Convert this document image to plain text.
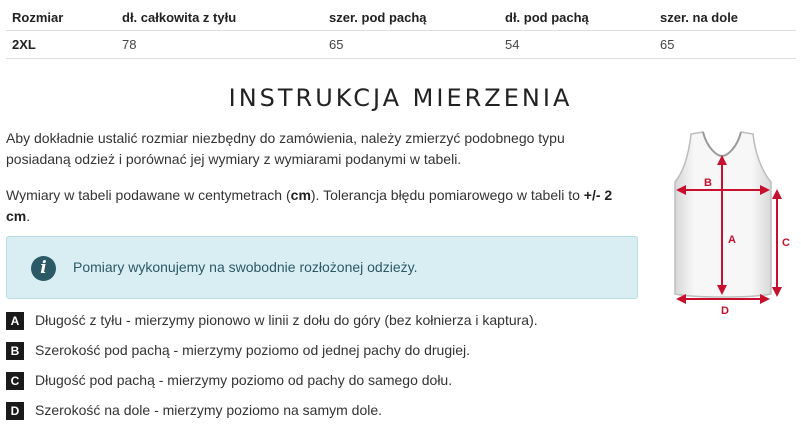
Rozmiar	dł. całkowita z tyłu	szer. pod pachą	dł. pod pachą	szer. na dole
2XL	78	65	54	65
INSTRUKCJA MIERZENIA

Aby dokładnie ustalić rozmiar niezbędny do zamówienia, należy zmierzyć podobnego typu posiadaną odzież i porównać jej wymiary z wymiarami podanymi w tabeli.

Wymiary w tabeli podawane w centymetrach (cm). Tolerancja błędu pomiarowego w tabeli to +/- 2 cm.

i	Pomiary wykonujemy na swobodnie rozłożonej odzieży.
A	Długość z tyłu - mierzymy pionowo w linii z dołu do góry (bez kołnierza i kaptura).
B	Szerokość pod pachą - mierzymy poziomo od jednej pachy do drugiej.
C	Długość pod pachą - mierzymy poziomo od pachy do samego dołu.
D	Szerokość na dole - mierzymy poziomo na samym dole.
B
A	C
D
